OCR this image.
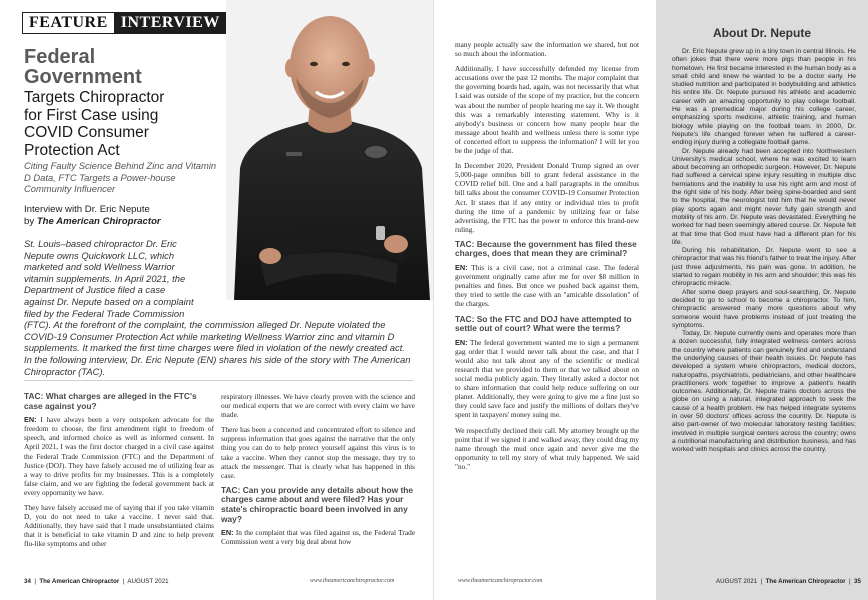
FEATURE INTERVIEW
Federal
Government
Targets Chiropractor
for First Case using
COVID Consumer
Protection Act
Citing Faulty Science Behind Zinc and Vitamin D Data, FTC Targets a Power-house Community Influencer
Interview with Dr. Eric Nepute
by The American Chiropractor
St. Louis–based chiropractor Dr. Eric
Nepute owns Quickwork LLC, which
marketed and sold Wellness Warrior
vitamin supplements. In April 2021, the
Department of Justice filed a case
against Dr. Nepute based on a complaint
filed by the Federal Trade Commission
(FTC). At the forefront of the complaint, the commission alleged Dr. Nepute violated the COVID-19 Consumer Protection Act while marketing Wellness Warrior zinc and vitamin D supplements. It marked the first time charges were filed in violation of the newly created act. In the following interview, Dr. Eric Nepute (EN) shares his side of the story with The American Chiropractor (TAC).
TAC: What charges are alleged in the FTC's case against you?

EN: I have always been a very outspoken advocate for the freedom to choose, the first amendment right to freedom of speech, and informed choice as well as informed consent. In April 2021, I was the first doctor charged in a civil case against the Federal Trade Commission (FTC) and the Department of Justice (DOJ). They have falsely accused me of utilizing fear as a way to drive profits for my businesses. This is a completely false claim, and we are fighting the federal government back at every opportunity we have.

They have falsely accused me of saying that if you take vitamin D, you do not need to take a vaccine. I never said that. Additionally, they have said that I made unsubstantiated claims that it is beneficial to take vitamin D and zinc to help prevent flu-like symptoms and other

respiratory illnesses. We have clearly proven with the science and our medical experts that we are correct with every claim we have made.

There has been a concerted and concentrated effort to silence and suppress information that goes against the narrative that the only thing you can do to help protect yourself against this virus is to take a vaccine. When they cannot stop the message, they try to attack the messenger. That is clearly what has happened in this case.

TAC: Can you provide any details about how the charges came about and were filed? Has your state's chiropractic board been involved in any way?

EN: In the complaint that was filed against us, the Federal Trade Commission went a very big deal about how

34  |  The American Chiropractor  |  AUGUST 2021	www.theamericanchiropractor.com

many people actually saw the information we shared, but not so much about the information.

Additionally, I have successfully defended my license from accusations over the past 12 months. The major complaint that the governing boards had, again, was not necessarily that what I said was outside of the scope of my practice, but the concern was about the number of people hearing me say it. We thought this was a remarkably interesting statement. Why is it anybody's business or concern how many people hear the message about health and wellness unless there is some type of concerted effort to suppress the information? I will let you be the judge of that.

In December 2020, President Donald Trump signed an over 5,000-page omnibus bill to grant federal assistance in the COVID relief bill. One and a half paragraphs in the omnibus bill talks about the consumer COVID-19 Consumer Protection Act. It states that if any entity or individual tries to profit during the time of a pandemic by utilizing fear or false advertising, the FTC has the power to enforce this brand-new ruling.

TAC: Because the government has filed these charges, does that mean they are criminal?

EN: This is a civil case, not a criminal case. The federal government originally came after me for over $8 million in penalties and fines. But once we pushed back against them, they tried to settle the case with an "amicable dissolution" of the charges.

TAC: So the FTC and DOJ have attempted to settle out of court? What were the terms?

EN: The federal government wanted me to sign a permanent gag order that I would never talk about the case, and that I would also not talk about any of the scientific or medical research that we provided to them or that we talked about on social media publicly again. They literally asked a doctor not to share information that could help reduce suffering on our planet. Additionally, they were going to give me a fine just so they could save face and justify the millions of dollars they've spent in taxpayers' money suing me.

We respectfully declined their call. My attorney brought up the point that if we signed it and walked away, they could drag my name through the mud once again and never give me the opportunity to tell my story of what truly happened. We said "no."

www.theamericanchiropractor.com
About Dr. Nepute

Dr. Eric Nepute grew up in a tiny town in central Illinois. He often jokes that there were more pigs than people in his hometown. He first became interested in the human body as a small child and knew he wanted to be a doctor early. He studied nutrition and participated in bodybuilding and athletics his entire life. Dr. Nepute pursued his athletic and academic career with an amazing opportunity to play college football. He was a premedical major during his college career, emphasizing sports medicine, athletic training, and human biology while playing on the football team. In 2000, Dr. Nepute's life changed forever when he suffered a career-ending injury during a collegiate football game.

Dr. Nepute already had been accepted into Northwestern University's medical school, where he was excited to learn about becoming an orthopedic surgeon. However, Dr. Nepute had suffered a cervical spine injury resulting in multiple disc herniations and the inability to use his right arm and most of the right side of his body. After being spine-boarded and sent to the hospital, the neurologist told him that he would never play sports again and might never fully gain strength and mobility of his arm. Dr. Nepute was devastated. Everything he worked for had been seemingly altered course. Dr. Nepute felt at that time that God must have had a different plan for his life.

During his rehabilitation, Dr. Nepute went to see a chiropractor that was his friend's father to treat the injury. After just three adjustments, his pain was gone. In addition, he started to regain mobility in his arm and shoulder; this was his chiropractic miracle.

After some deep prayers and soul-searching, Dr. Nepute decided to go to school to become a chiropractor. To him, chiropractic answered many more questions about why someone would have problems instead of just treating the symptoms.

Today, Dr. Nepute currently owns and operates more than a dozen successful, fully integrated wellness centers across the country where patients can genuinely find and understand the underlying causes of their health issues. Dr. Nepute has developed a system where chiropractors, medical doctors, naturopaths, psychiatrists, pediatricians, and other healthcare practitioners work together to improve a patient's health outcomes. Additionally, Dr. Nepute trains doctors across the globe on using a natural, integrated approach to seek the cause of a health problem. He has helped integrate systems in over 50 doctors' offices across the country. Dr. Nepute is also part-owner of two molecular laboratory testing facilities; involved in multiple surgical centers across the country; owns a nutritional manufacturing and distribution business, and has worked with hospitals and clinics across the country.

AUGUST 2021  |  The American Chiropractor  |  35
